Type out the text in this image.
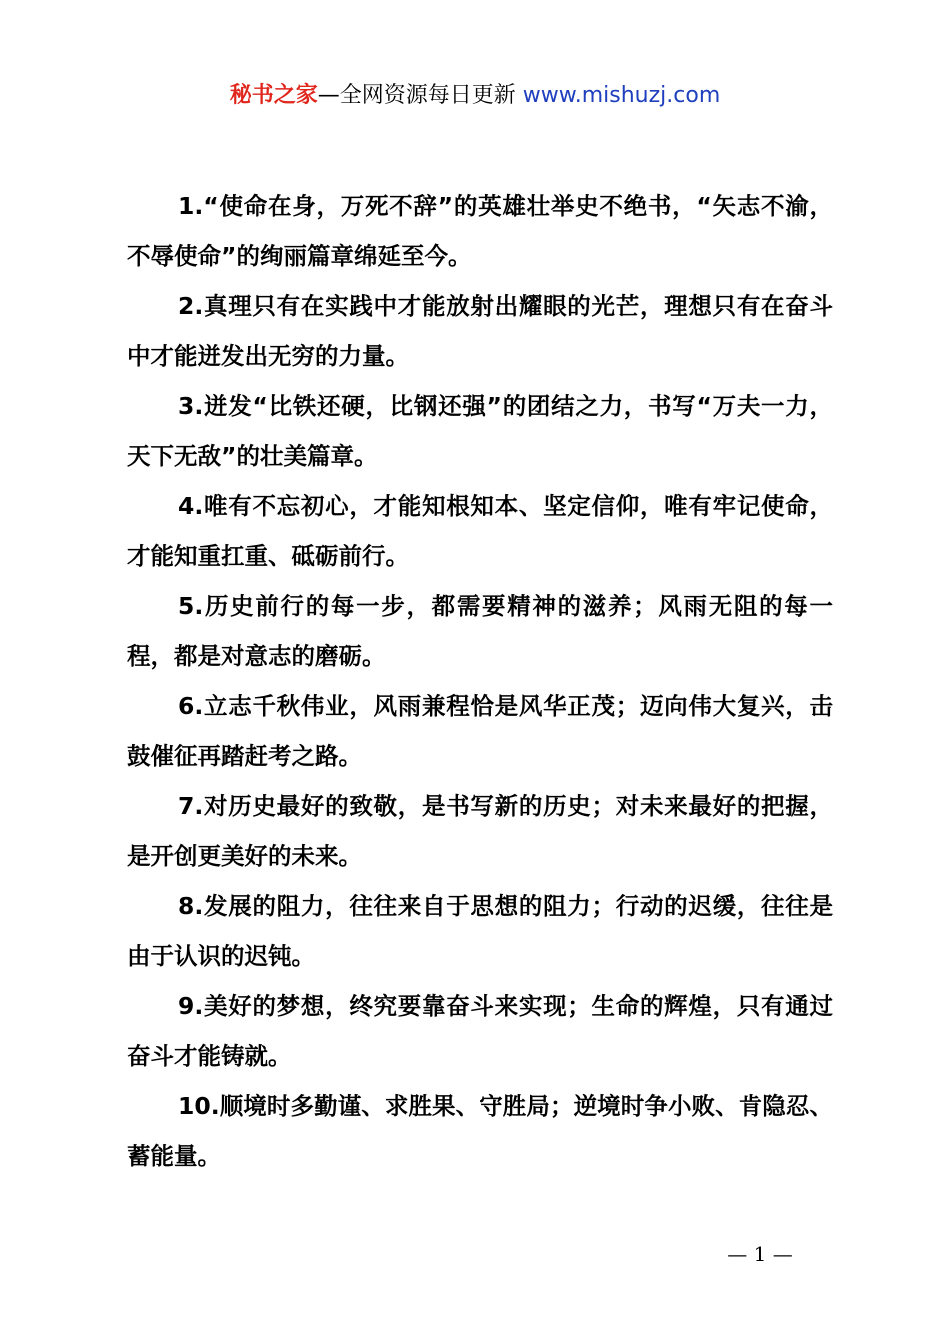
秘书之家—全网资源每日更新 www.mishuzj.com

1.“使命在身，万死不辞”的英雄壮举史不绝书，“矢志不渝，不辱使命”的绚丽篇章绵延至今。

2.真理只有在实践中才能放射出耀眼的光芒，理想只有在奋斗中才能迸发出无穷的力量。

3.迸发“比铁还硬，比钢还强”的团结之力，书写“万夫一力，天下无敌”的壮美篇章。

4.唯有不忘初心，才能知根知本、坚定信仰，唯有牢记使命，才能知重扛重、砥砺前行。

5.历史前行的每一步，都需要精神的滋养；风雨无阻的每一程，都是对意志的磨砺。

6.立志千秋伟业，风雨兼程恰是风华正茂；迈向伟大复兴，击鼓催征再踏赶考之路。

7.对历史最好的致敬，是书写新的历史；对未来最好的把握，是开创更美好的未来。

8.发展的阻力，往往来自于思想的阻力；行动的迟缓，往往是由于认识的迟钝。

9.美好的梦想，终究要靠奋斗来实现；生命的辉煌，只有通过奋斗才能铸就。

10.顺境时多勤谨、求胜果、守胜局；逆境时争小败、肯隐忍、蓄能量。

— 1 —
